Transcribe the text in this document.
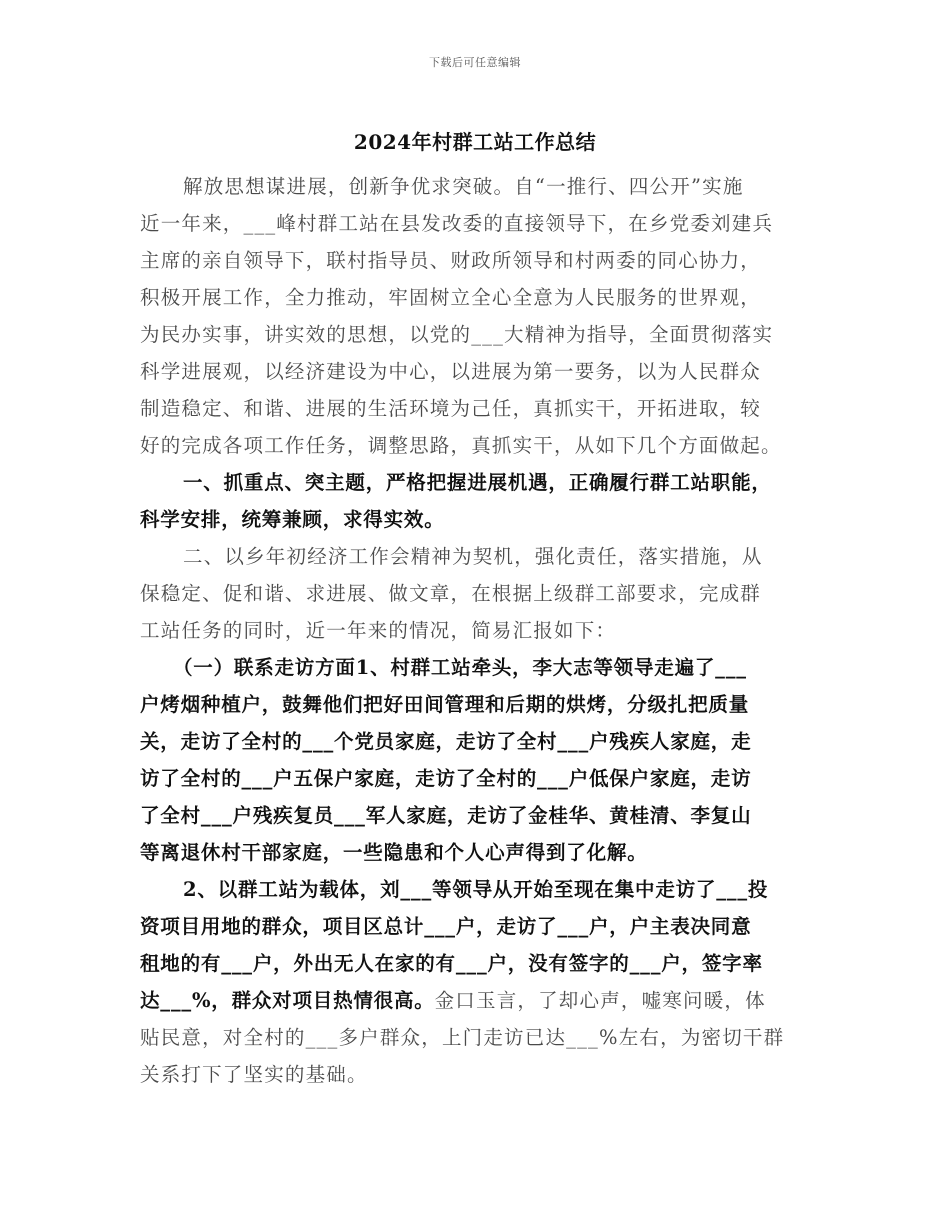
下载后可任意编辑
2024年村群工站工作总结
解放思想谋进展，创新争优求突破。自“一推行、四公开”实施
近一年来，___峰村群工站在县发改委的直接领导下，在乡党委刘建兵
主席的亲自领导下，联村指导员、财政所领导和村两委的同心协力，
积极开展工作，全力推动，牢固树立全心全意为人民服务的世界观，
为民办实事，讲实效的思想，以党的___大精神为指导，全面贯彻落实
科学进展观，以经济建设为中心，以进展为第一要务，以为人民群众
制造稳定、和谐、进展的生活环境为己任，真抓实干，开拓进取，较
好的完成各项工作任务，调整思路，真抓实干，从如下几个方面做起。
一、抓重点、突主题，严格把握进展机遇，正确履行群工站职能，
科学安排，统筹兼顾，求得实效。
二、以乡年初经济工作会精神为契机，强化责任，落实措施，从
保稳定、促和谐、求进展、做文章，在根据上级群工部要求，完成群
工站任务的同时，近一年来的情况，简易汇报如下：
（一）联系走访方面1、村群工站牵头，李大志等领导走遍了___
户烤烟种植户，鼓舞他们把好田间管理和后期的烘烤，分级扎把质量
关，走访了全村的___个党员家庭，走访了全村___户残疾人家庭，走
访了全村的___户五保户家庭，走访了全村的___户低保户家庭，走访
了全村___户残疾复员___军人家庭，走访了金桂华、黄桂清、李复山
等离退休村干部家庭，一些隐患和个人心声得到了化解。
2、以群工站为载体，刘___等领导从开始至现在集中走访了___投
资项目用地的群众，项目区总计___户，走访了___户，户主表决同意
租地的有___户，外出无人在家的有___户，没有签字的___户，签字率
达___%，群众对项目热情很高。金口玉言，了却心声，嘘寒问暖，体
贴民意，对全村的___多户群众，上门走访已达___%左右，为密切干群
关系打下了坚实的基础。
